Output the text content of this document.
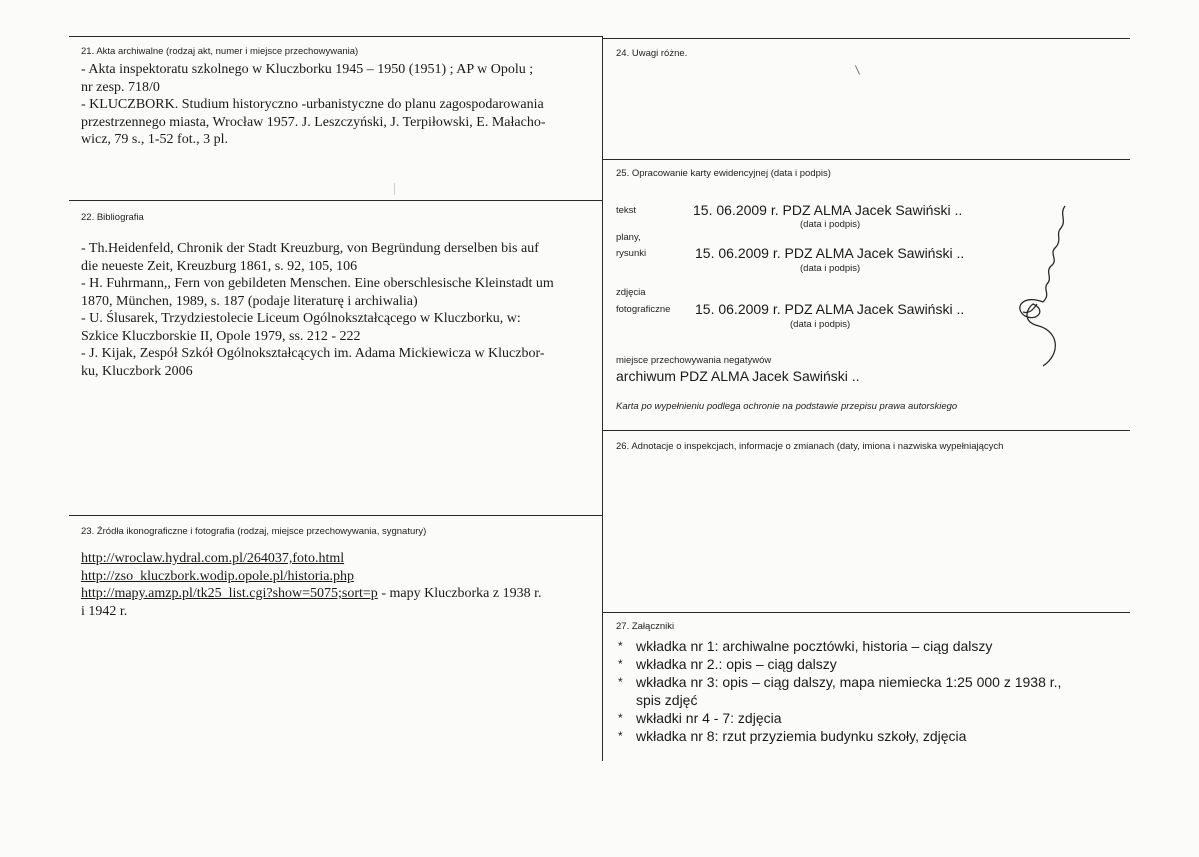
21. Akta archiwalne (rodzaj akt, numer i miejsce przechowywania)
- Akta inspektoratu szkolnego w Kluczborku 1945 – 1950 (1951) ; AP w Opolu ;
nr zesp. 718/0
- KLUCZBORK. Studium historyczno -urbanistyczne do planu zagospodarowania
przestrzennego miasta, Wrocław 1957. J. Leszczyński, J. Terpiłowski, E. Małacho-
wicz, 79 s., 1-52 fot., 3 pl.
22. Bibliografia
- Th.Heidenfeld, Chronik der Stadt Kreuzburg, von Begründung derselben bis auf
die neueste Zeit, Kreuzburg 1861, s. 92, 105, 106
- H. Fuhrmann,, Fern von gebildeten Menschen. Eine oberschlesische Kleinstadt um
1870, München, 1989, s. 187 (podaje literaturę i archiwalia)
- U. Ślusarek, Trzydziestolecie Liceum Ogólnokształcącego w Kluczborku, w:
Szkice Kluczborskie II, Opole 1979, ss. 212 - 222
- J. Kijak, Zespół Szkół Ogólnokształcących im. Adama Mickiewicza w Kluczbor-
ku, Kluczbork 2006
23. Źródła ikonograficzne i fotografia (rodzaj, miejsce przechowywania, sygnatury)
http://wroclaw.hydral.com.pl/264037,foto.html
http://zso_kluczbork.wodip.opole.pl/historia.php
http://mapy.amzp.pl/tk25_list.cgi?show=5075;sort=p - mapy Kluczborka z 1938 r.
i 1942 r.
24. Uwagi różne.
25. Opracowanie karty ewidencyjnej (data i podpis)
tekst	15. 06.2009 r. PDZ ALMA Jacek Sawiński ..
(data i podpis)
plany,
rysunki	15. 06.2009 r. PDZ ALMA Jacek Sawiński ..
(data i podpis)
zdjęcia
fotograficzne 15. 06.2009 r. PDZ ALMA Jacek Sawiński ..
(data i podpis)
miejsce przechowywania negatywów
archiwum PDZ ALMA Jacek Sawiński ..
Karta po wypełnieniu podlega ochronie na podstawie przepisu prawa autorskiego
26. Adnotacje o inspekcjach, informacje o zmianach (daty, imiona i nazwiska wypełniających
27. Załączniki
* wkładka nr 1: archiwalne pocztówki, historia – ciąg dalszy
* wkładka nr 2.: opis – ciąg dalszy
* wkładka nr 3: opis – ciąg dalszy, mapa niemiecka 1:25 000 z 1938 r.,
spis zdjęć
* wkładki nr 4 - 7: zdjęcia
* wkładka nr 8: rzut przyziemia budynku szkoły, zdjęcia
